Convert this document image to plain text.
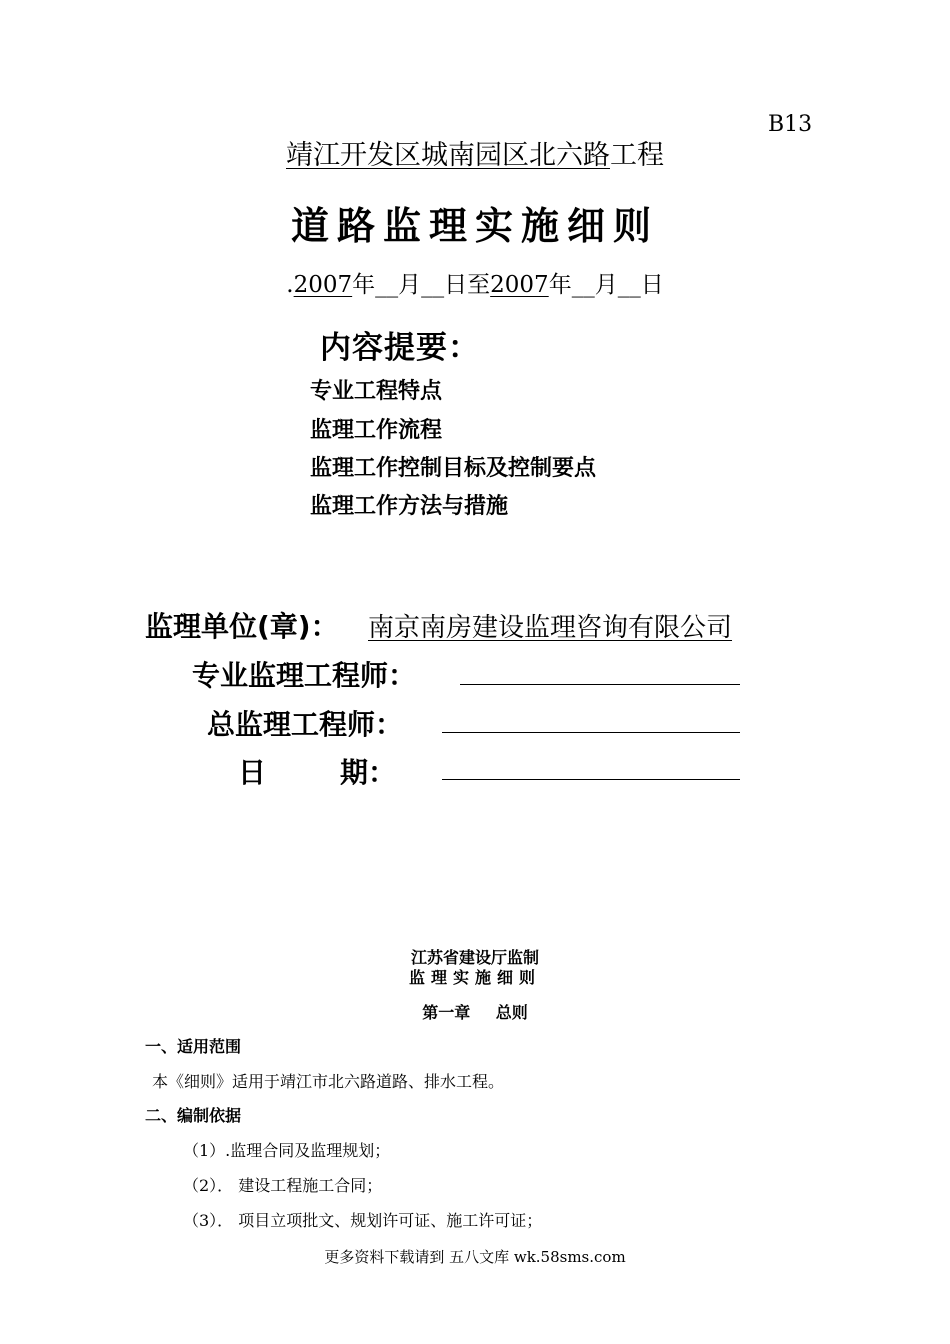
B13
靖江开发区城南园区北六路工程
道路监理实施细则
.2007年__月__日至2007年__月__日
内容提要：
专业工程特点
监理工作流程
监理工作控制目标及控制要点
监理工作方法与措施
监理单位(章)： 南京南房建设监理咨询有限公司
专业监理工程师：
总监理工程师：
日	期：
江苏省建设厅监制
监理实施细则
第一章 总则
一、适用范围
本《细则》适用于靖江市北六路道路、排水工程。
二、编制依据
（1）.监理合同及监理规划；
（2）． 建设工程施工合同；
（3）． 项目立项批文、规划许可证、施工许可证；
更多资料下载请到 五八文库 wk.58sms.com
